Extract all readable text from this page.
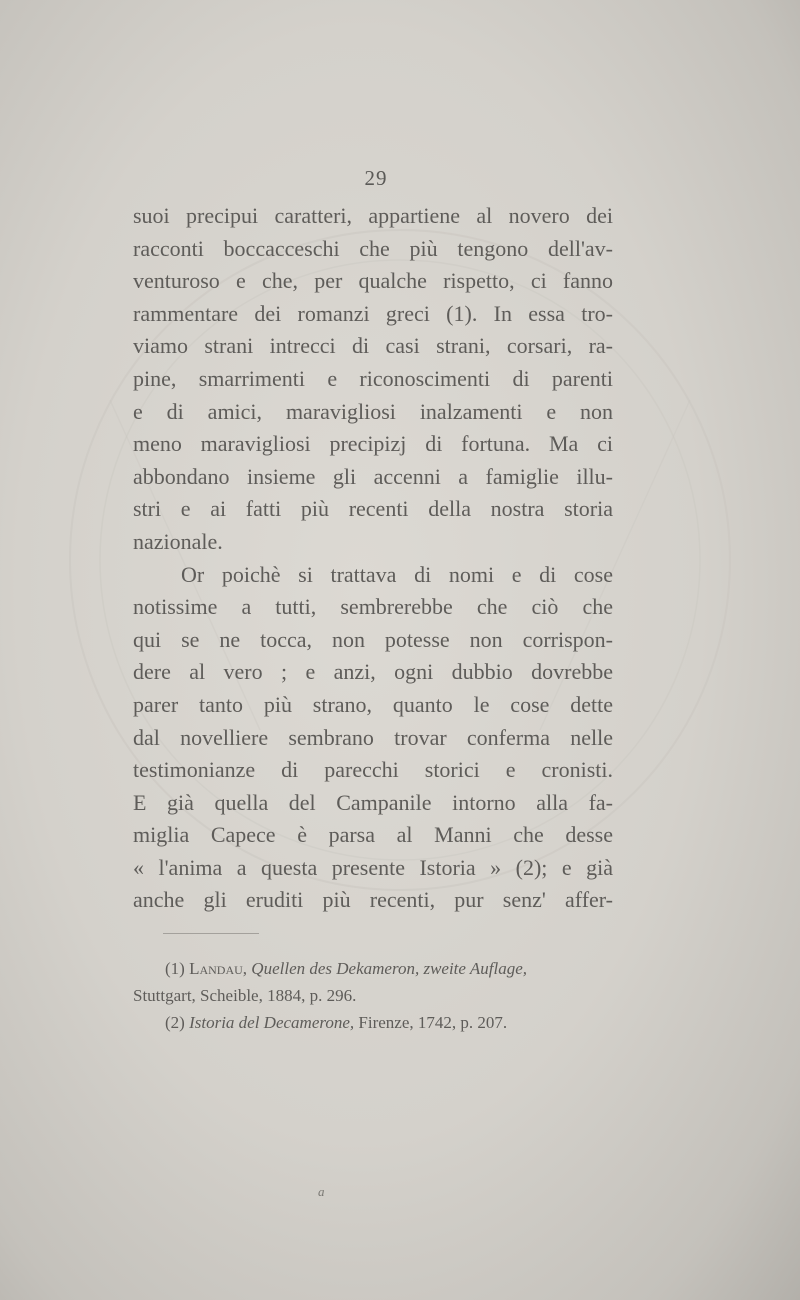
29
suoi precipui caratteri, appartiene al novero dei
racconti boccacceschi che più tengono dell'av-
venturoso e che, per qualche rispetto, ci fanno
rammentare dei romanzi greci (1). In essa tro-
viamo strani intrecci di casi strani, corsari, ra-
pine, smarrimenti e riconoscimenti di parenti
e di amici, maravigliosi inalzamenti e non
meno maravigliosi precipizj di fortuna. Ma ci
abbondano insieme gli accenni a famiglie illu-
stri e ai fatti più recenti della nostra storia
nazionale.
Or poichè si trattava di nomi e di cose
notissime a tutti, sembrerebbe che ciò che
qui se ne tocca, non potesse non corrispon-
dere al vero ; e anzi, ogni dubbio dovrebbe
parer tanto più strano, quanto le cose dette
dal novelliere sembrano trovar conferma nelle
testimonianze di parecchi storici e cronisti.
E già quella del Campanile intorno alla fa-
miglia Capece è parsa al Manni che desse
« l'anima a questa presente Istoria » (2); e già
anche gli eruditi più recenti, pur senz' affer-
(1) Landau, Quellen des Dekameron, zweite Auflage,
Stuttgart, Scheible, 1884, p. 296.
(2) Istoria del Decamerone, Firenze, 1742, p. 207.
a
